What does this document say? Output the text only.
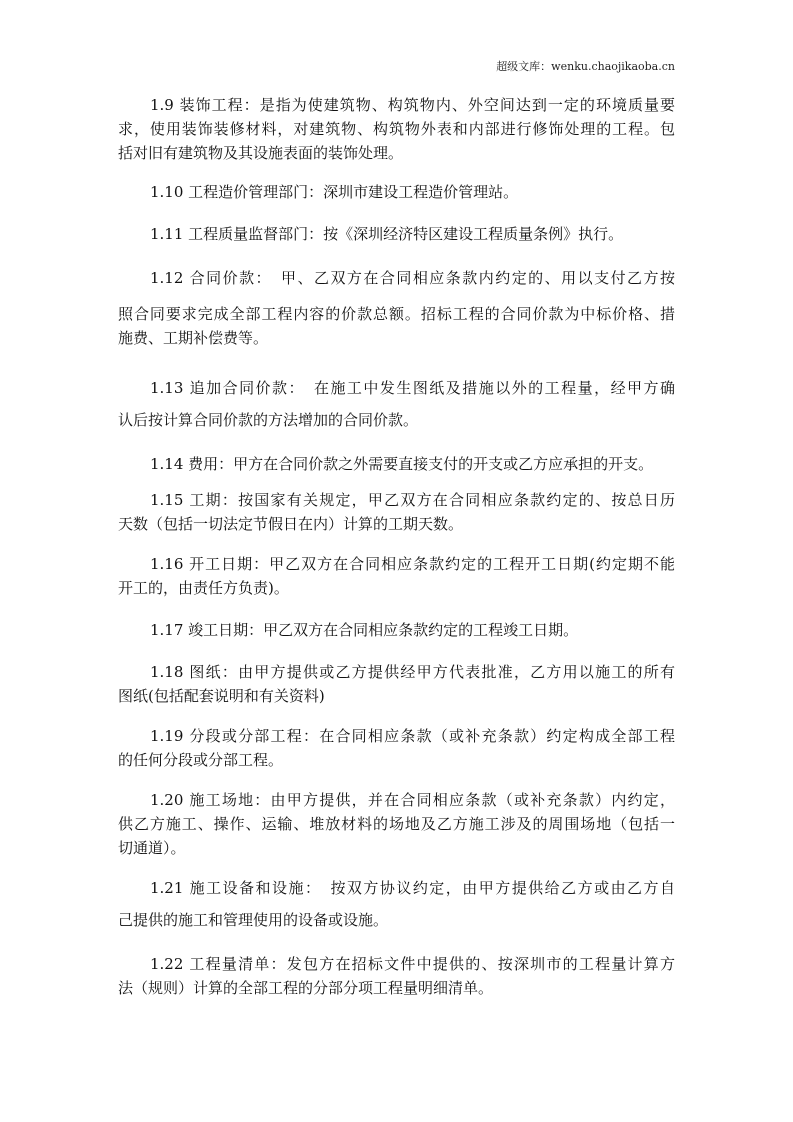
超级文库：wenku.chaojikaoba.cn
1.9 装饰工程：是指为使建筑物、构筑物内、外空间达到一定的环境质量要
求，使用装饰装修材料，对建筑物、构筑物外表和内部进行修饰处理的工程。包
括对旧有建筑物及其设施表面的装饰处理。
1.10 工程造价管理部门：深圳市建设工程造价管理站。
1.11 工程质量监督部门：按《深圳经济特区建设工程质量条例》执行。
1.12 合同价款：　甲、乙双方在合同相应条款内约定的、用以支付乙方按
照合同要求完成全部工程内容的价款总额。招标工程的合同价款为中标价格、措
施费、工期补偿费等。
1.13 追加合同价款：　在施工中发生图纸及措施以外的工程量，经甲方确
认后按计算合同价款的方法增加的合同价款。
1.14 费用：甲方在合同价款之外需要直接支付的开支或乙方应承担的开支。
1.15 工期：按国家有关规定，甲乙双方在合同相应条款约定的、按总日历
天数（包括一切法定节假日在内）计算的工期天数。
1.16 开工日期：甲乙双方在合同相应条款约定的工程开工日期(约定期不能
开工的，由责任方负责)。
1.17 竣工日期：甲乙双方在合同相应条款约定的工程竣工日期。
1.18 图纸：由甲方提供或乙方提供经甲方代表批准，乙方用以施工的所有
图纸(包括配套说明和有关资料)
1.19 分段或分部工程：在合同相应条款（或补充条款）约定构成全部工程
的任何分段或分部工程。
1.20 施工场地：由甲方提供，并在合同相应条款（或补充条款）内约定，
供乙方施工、操作、运输、堆放材料的场地及乙方施工涉及的周围场地（包括一
切通道）。
1.21 施工设备和设施：　按双方协议约定，由甲方提供给乙方或由乙方自
己提供的施工和管理使用的设备或设施。
1.22 工程量清单：发包方在招标文件中提供的、按深圳市的工程量计算方
法（规则）计算的全部工程的分部分项工程量明细清单。
